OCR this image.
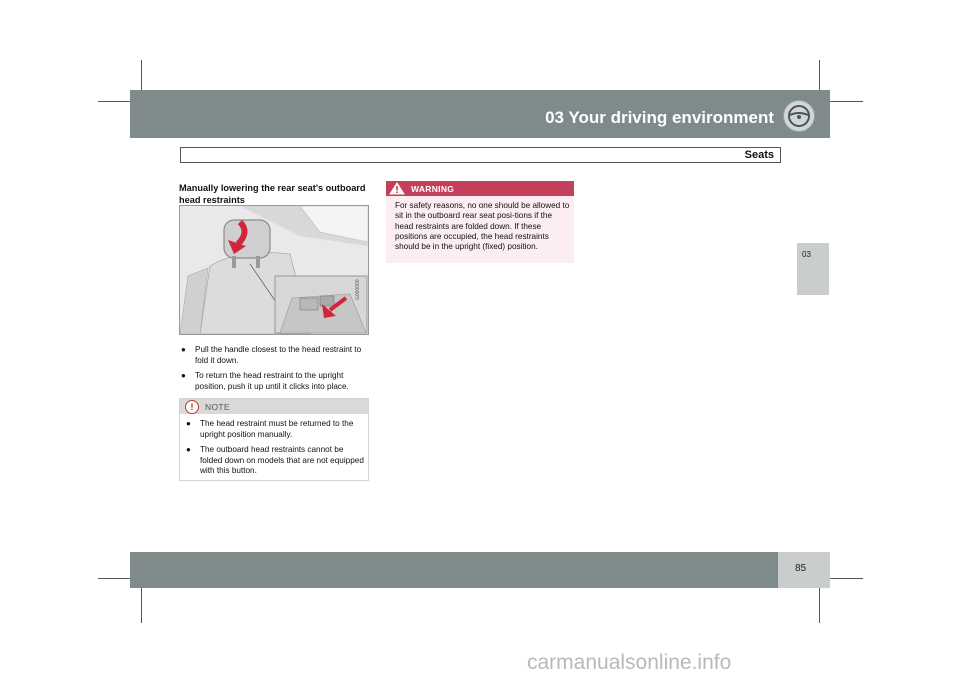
03 Your driving environment
Seats
03
Manually lowering the rear seat's outboard head restraints
G000000
● Pull the handle closest to the head restraint to fold it down.
● To return the head restraint to the upright position, push it up until it clicks into place.
!	NOTE
● The head restraint must be returned to the upright position manually.
● The outboard head restraints cannot be folded down on models that are not equipped with this button.
WARNING
For safety reasons, no one should be allowed to sit in the outboard rear seat posi-tions if the head restraints are folded down. If these positions are occupied, the head restraints should be in the upright (fixed) position.
85
carmanualsonline.info
